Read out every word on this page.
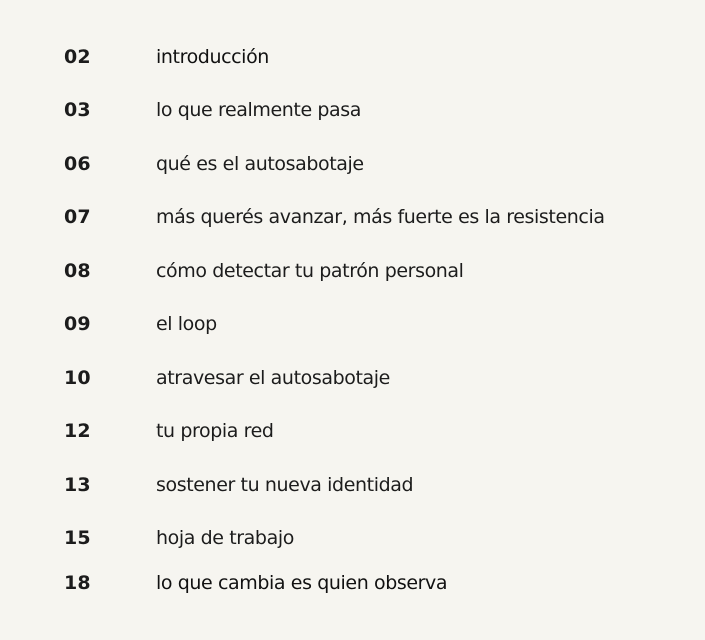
02	introducción
03	lo que realmente pasa
06	qué es el autosabotaje
07	más querés avanzar, más fuerte es la resistencia
08	cómo detectar tu patrón personal
09	el loop
10	atravesar el autosabotaje
12	tu propia red
13	sostener tu nueva identidad
15	hoja de trabajo
18	lo que cambia es quien observa
